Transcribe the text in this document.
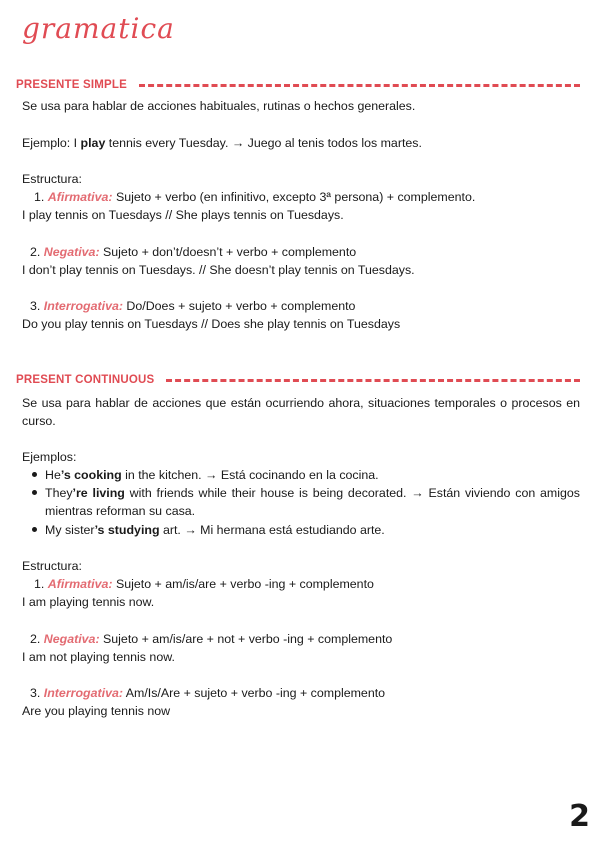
gramatica
PRESENTE SIMPLE
Se usa para hablar de acciones habituales, rutinas o hechos generales.
Ejemplo: I play tennis every Tuesday. → Juego al tenis todos los martes.
Estructura:
1. Afirmativa: Sujeto + verbo (en infinitivo, excepto 3ª persona) + complemento.
I play tennis on Tuesdays // She plays tennis on Tuesdays.
2. Negativa: Sujeto + don’t/doesn’t + verbo + complemento
I don’t play tennis on Tuesdays. // She doesn’t play tennis on Tuesdays.
3. Interrogativa: Do/Does + sujeto + verbo + complemento
Do you play tennis on Tuesdays // Does she play tennis on Tuesdays
PRESENT CONTINUOUS
Se usa para hablar de acciones que están ocurriendo ahora, situaciones temporales o procesos en curso.
Ejemplos:
He’s cooking in the kitchen. → Está cocinando en la cocina.
They’re living with friends while their house is being decorated. → Están viviendo con amigos mientras reforman su casa.
My sister’s studying art. → Mi hermana está estudiando arte.
Estructura:
1. Afirmativa: Sujeto + am/is/are + verbo -ing + complemento
I am playing tennis now.
2. Negativa: Sujeto + am/is/are + not + verbo -ing + complemento
I am not playing tennis now.
3. Interrogativa: Am/Is/Are + sujeto + verbo -ing + complemento
Are you playing tennis now
2
